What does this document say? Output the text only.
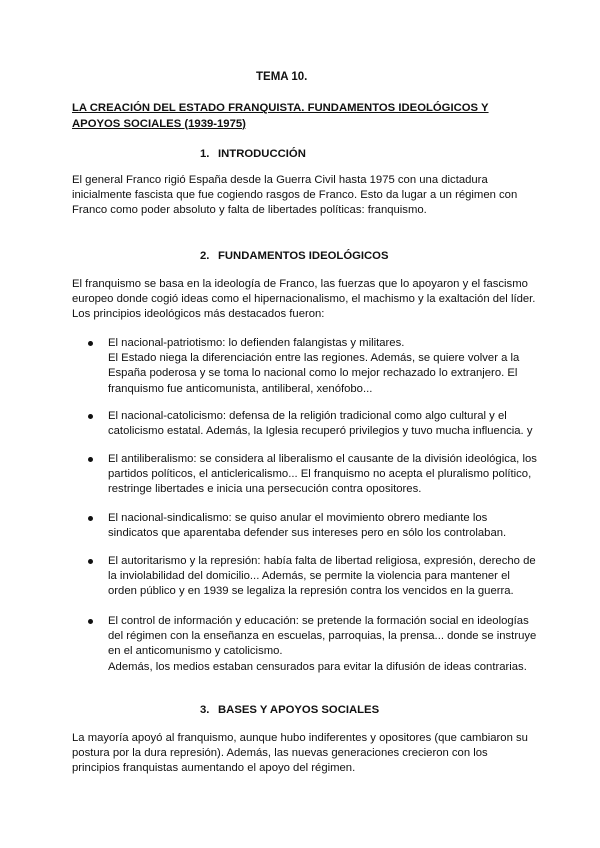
TEMA 10.
LA CREACIÓN DEL ESTADO FRANQUISTA. FUNDAMENTOS IDEOLÓGICOS Y APOYOS SOCIALES (1939-1975)
1. INTRODUCCIÓN
El general Franco rigió España desde la Guerra Civil hasta 1975 con una dictadura inicialmente fascista que fue cogiendo rasgos de Franco. Esto da lugar a un régimen con Franco como poder absoluto y falta de libertades políticas: franquismo.
2. FUNDAMENTOS IDEOLÓGICOS
El franquismo se basa en la ideología de Franco, las fuerzas que lo apoyaron y el fascismo europeo donde cogió ideas como el hipernacionalismo, el machismo y la exaltación del líder. Los principios ideológicos más destacados fueron:
El nacional-patriotismo: lo defienden falangistas y militares.
El Estado niega la diferenciación entre las regiones. Además, se quiere volver a la España poderosa y se toma lo nacional como lo mejor rechazado lo extranjero. El franquismo fue anticomunista, antiliberal, xenófobo...
El nacional-catolicismo: defensa de la religión tradicional como algo cultural y el catolicismo estatal. Además, la Iglesia recuperó privilegios y tuvo mucha influencia. y
El antiliberalismo: se considera al liberalismo el causante de la división ideológica, los partidos políticos, el anticlericalismo... El franquismo no acepta el pluralismo político, restringe libertades e inicia una persecución contra opositores.
El nacional-sindicalismo: se quiso anular el movimiento obrero mediante los sindicatos que aparentaba defender sus intereses pero en sólo los controlaban.
El autoritarismo y la represión: había falta de libertad religiosa, expresión, derecho de la inviolabilidad del domicilio... Además, se permite la violencia para mantener el orden público y en 1939 se legaliza la represión contra los vencidos en la guerra.
El control de información y educación: se pretende la formación social en ideologías del régimen con la enseñanza en escuelas, parroquias, la prensa... donde se instruye en el anticomunismo y catolicismo.
Además, los medios estaban censurados para evitar la difusión de ideas contrarias.
3. BASES Y APOYOS SOCIALES
La mayoría apoyó al franquismo, aunque hubo indiferentes y opositores (que cambiaron su postura por la dura represión). Además, las nuevas generaciones crecieron con los principios franquistas aumentando el apoyo del régimen.
